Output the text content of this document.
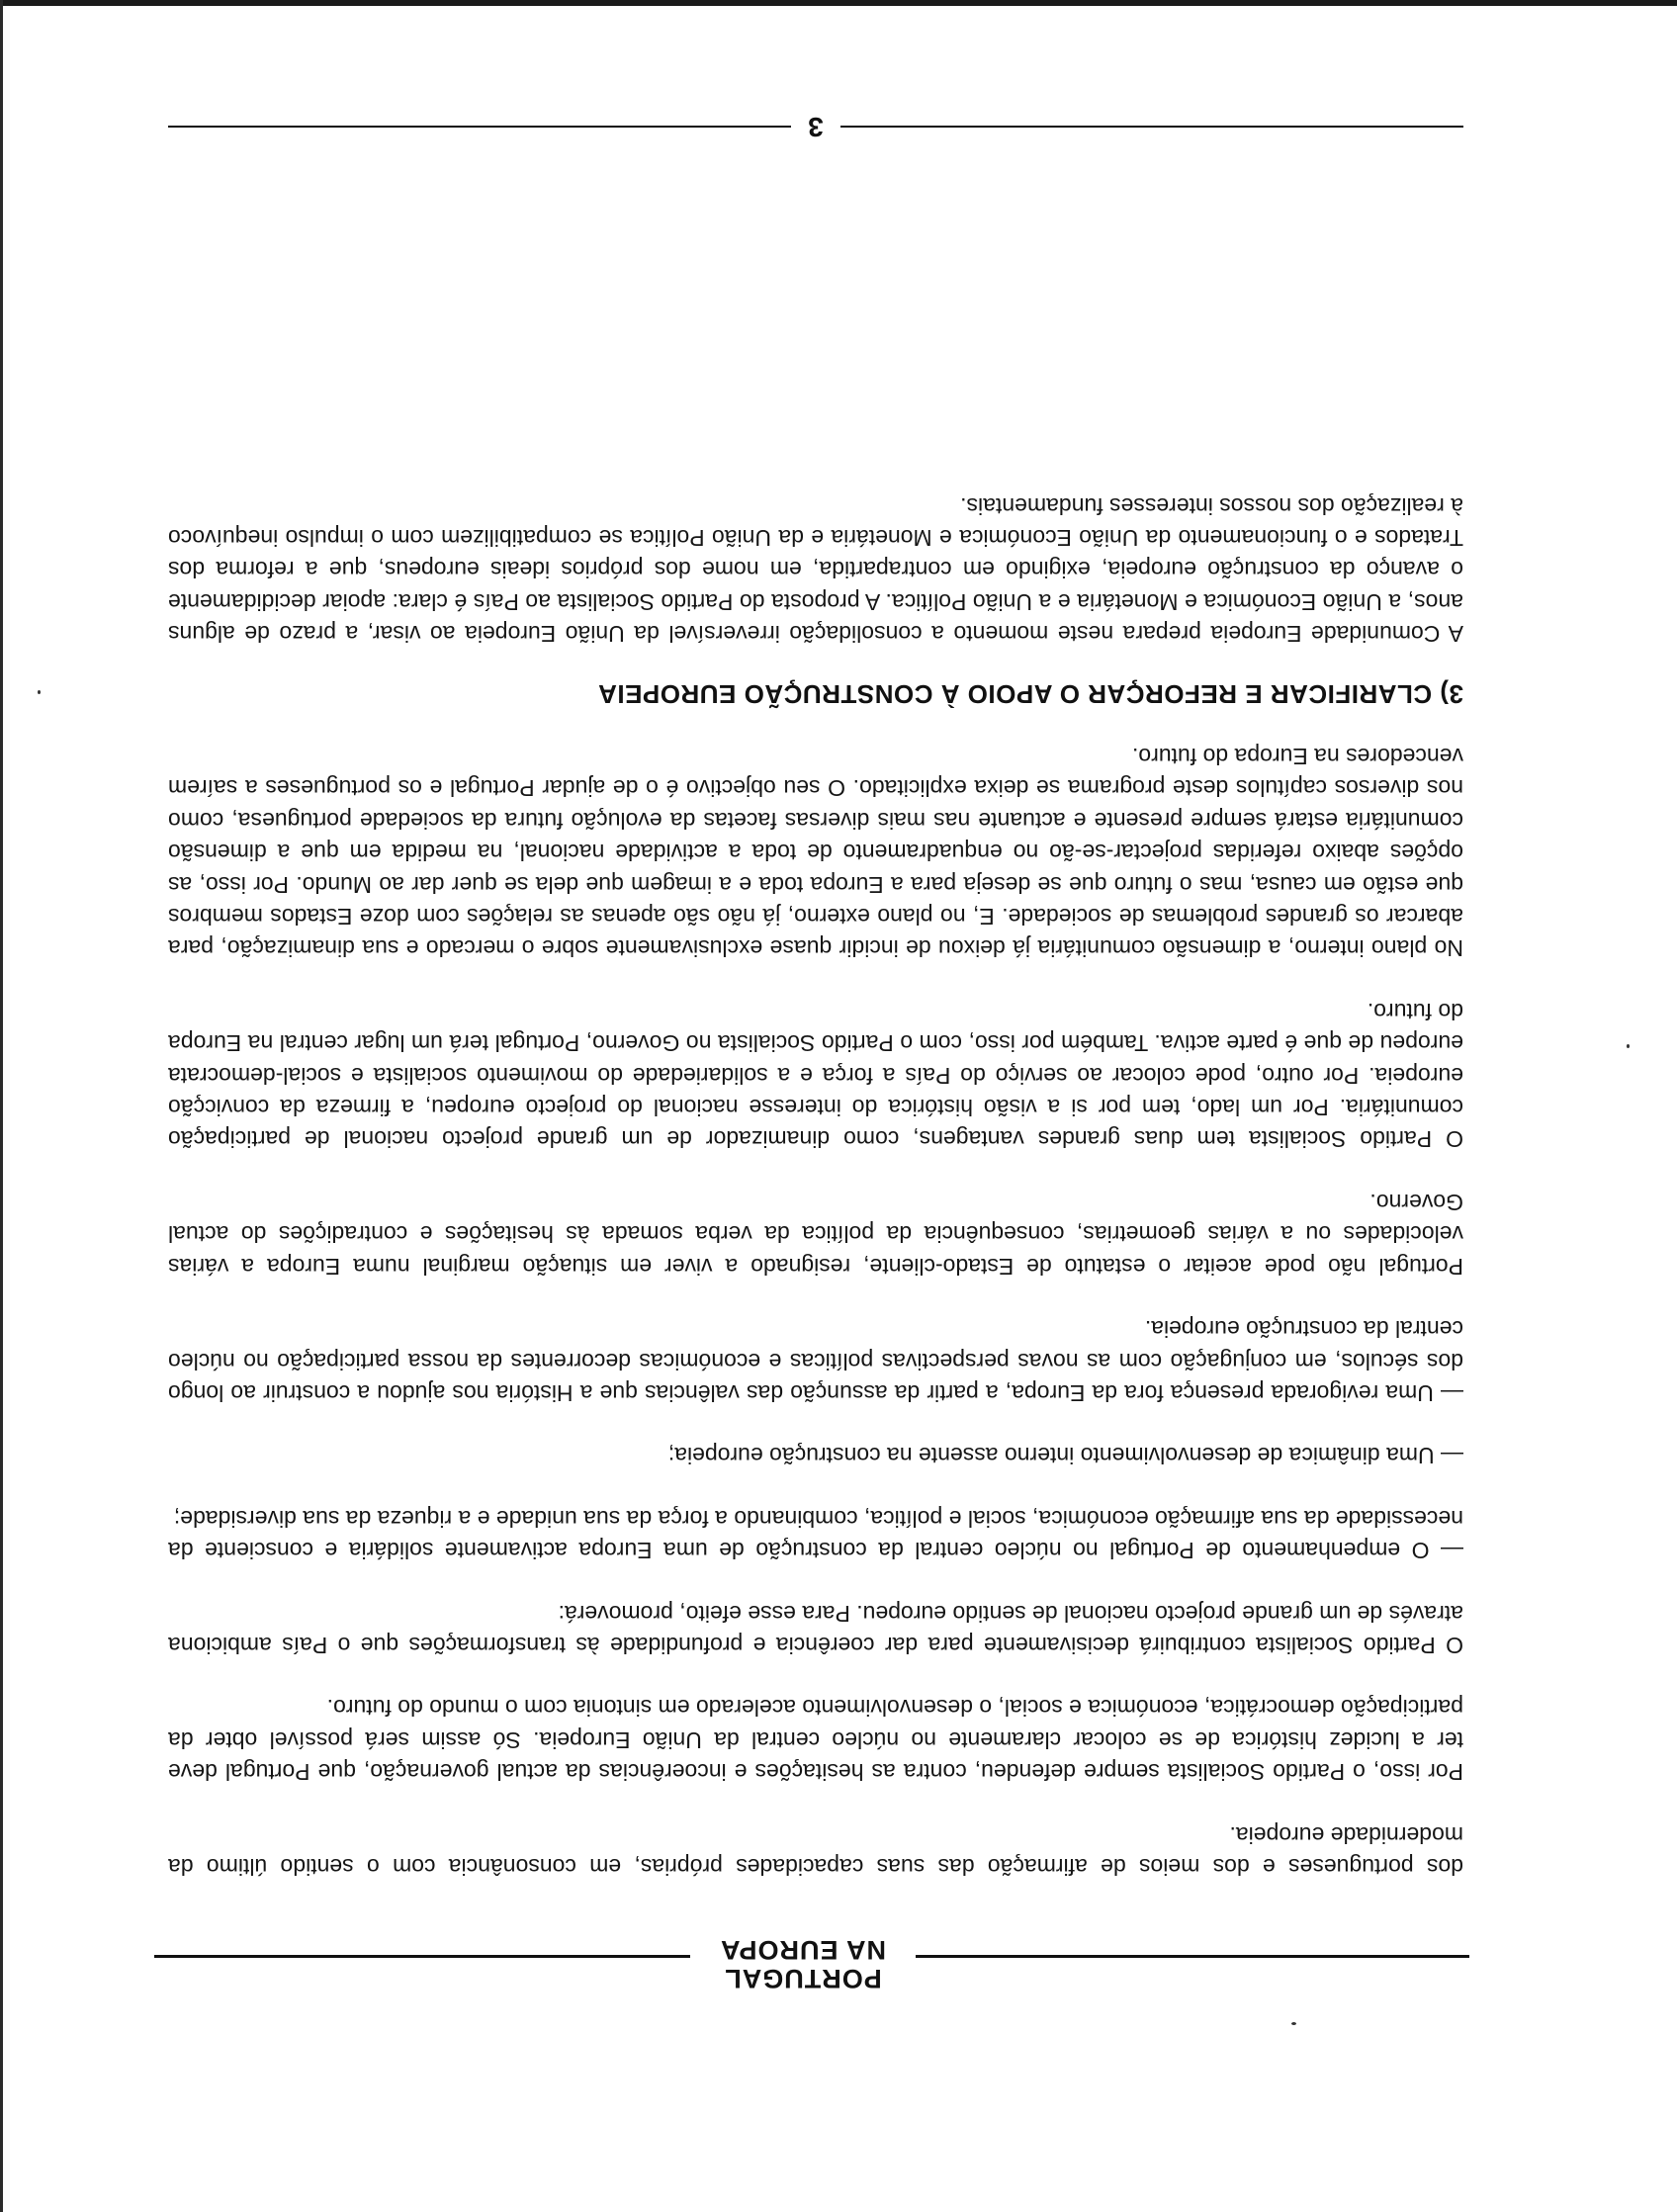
PORTUGAL
NA EUROPA

dos portugueses e dos meios de afirmação das suas capacidades próprias, em consonância com o sentido último da modernidade europeia.

Por isso, o Partido Socialista sempre defendeu, contra as hesitações e incoerências da actual governação, que Portugal deve ter a lucidez histórica de se colocar claramente no núcleo central da União Europeia. Só assim será possível obter da participação democrática, económica e social, o desenvolvimento acelerado em sintonia com o mundo do futuro.

O Partido Socialista contribuirá decisivamente para dar coerência e profundidade às transformações que o País ambiciona através de um grande projecto nacional de sentido europeu. Para esse efeito, promoverá:

— O empenhamento de Portugal no núcleo central da construção de uma Europa activamente solidária e consciente da necessidade da sua afirmação económica, social e política, combinando a força da sua unidade e a riqueza da sua diversidade;

— Uma dinâmica de desenvolvimento interno assente na construção europeia;

— Uma revigorada presença fora da Europa, a partir da assunção das valências que a História nos ajudou a construir ao longo dos séculos, em conjugação com as novas perspectivas políticas e económicas decorrentes da nossa participação no núcleo central da construção europeia.

Portugal não pode aceitar o estatuto de Estado-cliente, resignado a viver em situação marginal numa Europa a várias velocidades ou a várias geometrias, consequência da política da verba somada às hesitações e contradições do actual Governo.

O Partido Socialista tem duas grandes vantagens, como dinamizador de um grande projecto nacional de participação comunitária. Por um lado, tem por si a visão histórica do interesse nacional do projecto europeu, a firmeza da convicção europeia. Por outro, pode colocar ao serviço do País a força e a solidariedade do movimento socialista e social-democrata europeu de que é parte activa. Também por isso, com o Partido Socialista no Governo, Portugal terá um lugar central na Europa do futuro.

No plano interno, a dimensão comunitária já deixou de incidir quase exclusivamente sobre o mercado e sua dinamização, para abarcar os grandes problemas de sociedade. E, no plano externo, já não são apenas as relações com doze Estados membros que estão em causa, mas o futuro que se deseja para a Europa toda e a imagem que dela se quer dar ao Mundo. Por isso, as opções abaixo referidas projectar-se-ão no enquadramento de toda a actividade nacional, na medida em que a dimensão comunitária estará sempre presente e actuante nas mais diversas facetas da evolução futura da sociedade portuguesa, como nos diversos capítulos deste programa se deixa explicitado. O seu objectivo é o de ajudar Portugal e os portugueses a saírem vencedores na Europa do futuro.

3) CLARIFICAR E REFORÇAR O APOIO À CONSTRUÇÃO EUROPEIA

A Comunidade Europeia prepara neste momento a consolidação irreversível da União Europeia ao visar, a prazo de alguns anos, a União Económica e Monetária e a União Política. A proposta do Partido Socialista ao País é clara: apoiar decididamente o avanço da construção europeia, exigindo em contrapartida, em nome dos próprios ideais europeus, que a reforma dos Tratados e o funcionamento da União Económica e Monetária e da União Política se compatibilizem com o impulso inequívoco à realização dos nossos interesses fundamentais.

3
